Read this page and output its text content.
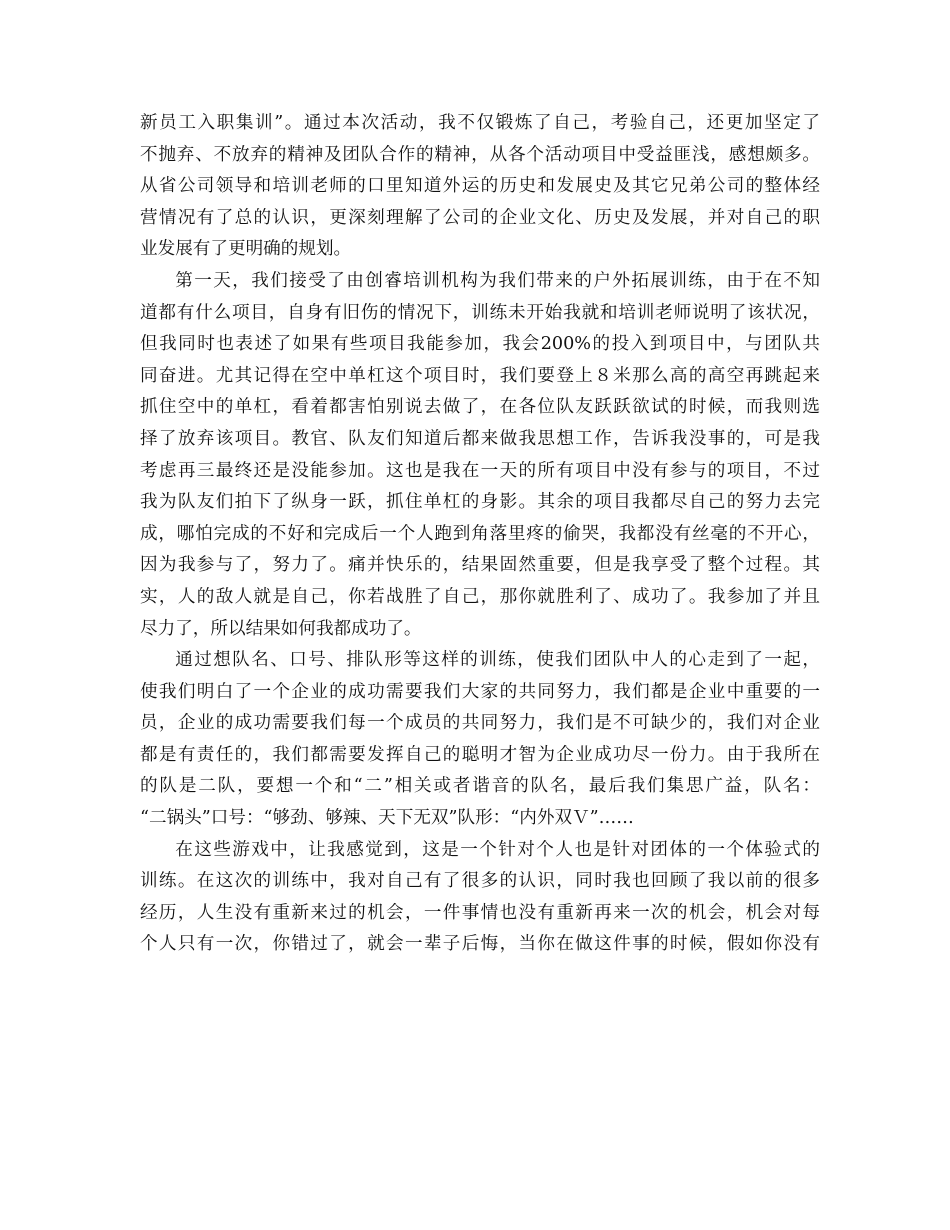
新员工入职集训”。通过本次活动，我不仅锻炼了自己，考验自己，还更加坚定了
不抛弃、不放弃的精神及团队合作的精神，从各个活动项目中受益匪浅，感想颇多。
从省公司领导和培训老师的口里知道外运的历史和发展史及其它兄弟公司的整体经
营情况有了总的认识，更深刻理解了公司的企业文化、历史及发展，并对自己的职
业发展有了更明确的规划。
第一天，我们接受了由创睿培训机构为我们带来的户外拓展训练，由于在不知
道都有什么项目，自身有旧伤的情况下，训练未开始我就和培训老师说明了该状况，
但我同时也表述了如果有些项目我能参加，我会200%的投入到项目中，与团队共
同奋进。尤其记得在空中单杠这个项目时，我们要登上８米那么高的高空再跳起来
抓住空中的单杠，看着都害怕别说去做了，在各位队友跃跃欲试的时候，而我则选
择了放弃该项目。教官、队友们知道后都来做我思想工作，告诉我没事的，可是我
考虑再三最终还是没能参加。这也是我在一天的所有项目中没有参与的项目，不过
我为队友们拍下了纵身一跃，抓住单杠的身影。其余的项目我都尽自己的努力去完
成，哪怕完成的不好和完成后一个人跑到角落里疼的偷哭，我都没有丝毫的不开心，
因为我参与了，努力了。痛并快乐的，结果固然重要，但是我享受了整个过程。其
实，人的敌人就是自己，你若战胜了自己，那你就胜利了、成功了。我参加了并且
尽力了，所以结果如何我都成功了。
通过想队名、口号、排队形等这样的训练，使我们团队中人的心走到了一起，
使我们明白了一个企业的成功需要我们大家的共同努力，我们都是企业中重要的一
员，企业的成功需要我们每一个成员的共同努力，我们是不可缺少的，我们对企业
都是有责任的，我们都需要发挥自己的聪明才智为企业成功尽一份力。由于我所在
的队是二队，要想一个和“二”相关或者谐音的队名，最后我们集思广益，队名：
“二锅头”口号：“够劲、够辣、天下无双”队形：“内外双Ｖ”……
在这些游戏中，让我感觉到，这是一个针对个人也是针对团体的一个体验式的
训练。在这次的训练中，我对自己有了很多的认识，同时我也回顾了我以前的很多
经历，人生没有重新来过的机会，一件事情也没有重新再来一次的机会，机会对每
个人只有一次，你错过了，就会一辈子后悔，当你在做这件事的时候，假如你没有
